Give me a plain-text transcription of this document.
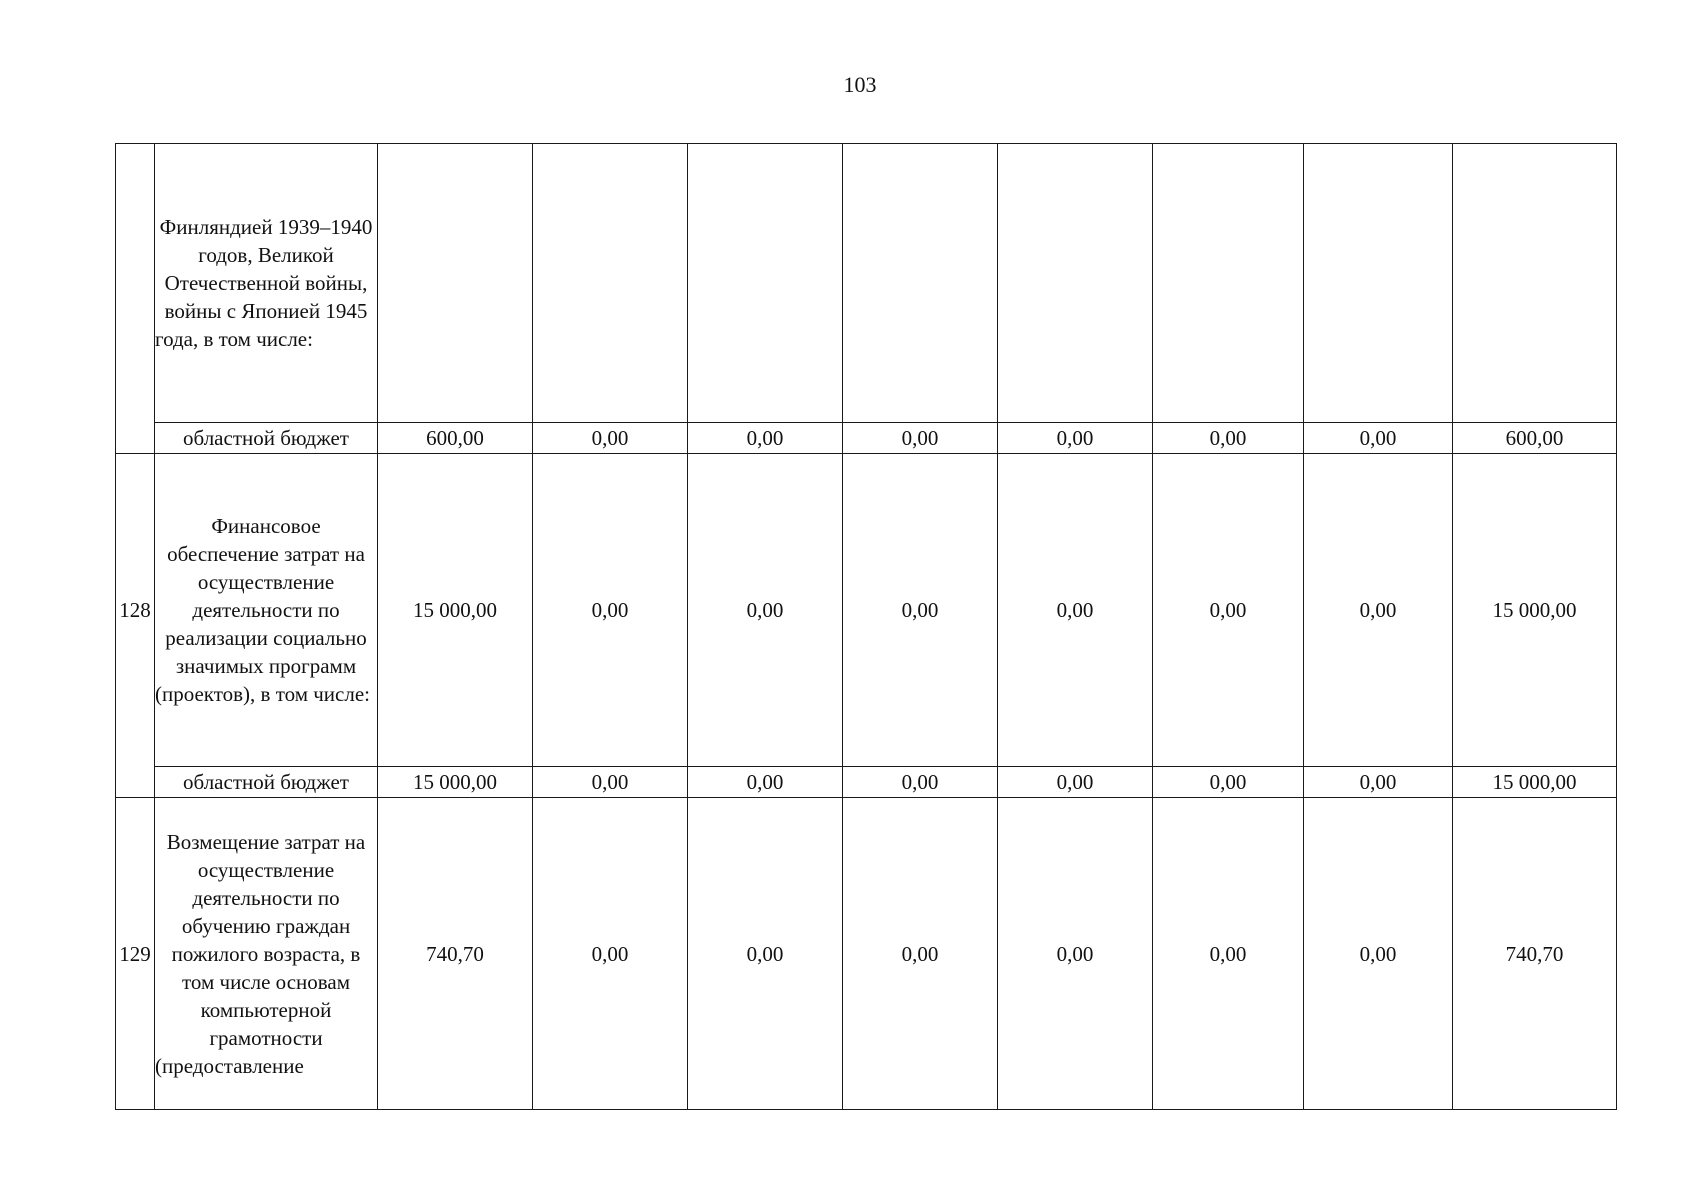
103
	Финляндией 1939–1940 годов, Великой Отечественной войны, войны с Японией 1945 года, в том числе:								
	областной бюджет	600,00	0,00	0,00	0,00	0,00	0,00	0,00	600,00
128	Финансовое обеспечение затрат на осуществление деятельности по реализации социально значимых программ (проектов), в том числе:	15 000,00	0,00	0,00	0,00	0,00	0,00	0,00	15 000,00
	областной бюджет	15 000,00	0,00	0,00	0,00	0,00	0,00	0,00	15 000,00
129	Возмещение затрат на осуществление деятельности по обучению граждан пожилого возраста, в том числе основам компьютерной грамотности (предоставление	740,70	0,00	0,00	0,00	0,00	0,00	0,00	740,70
